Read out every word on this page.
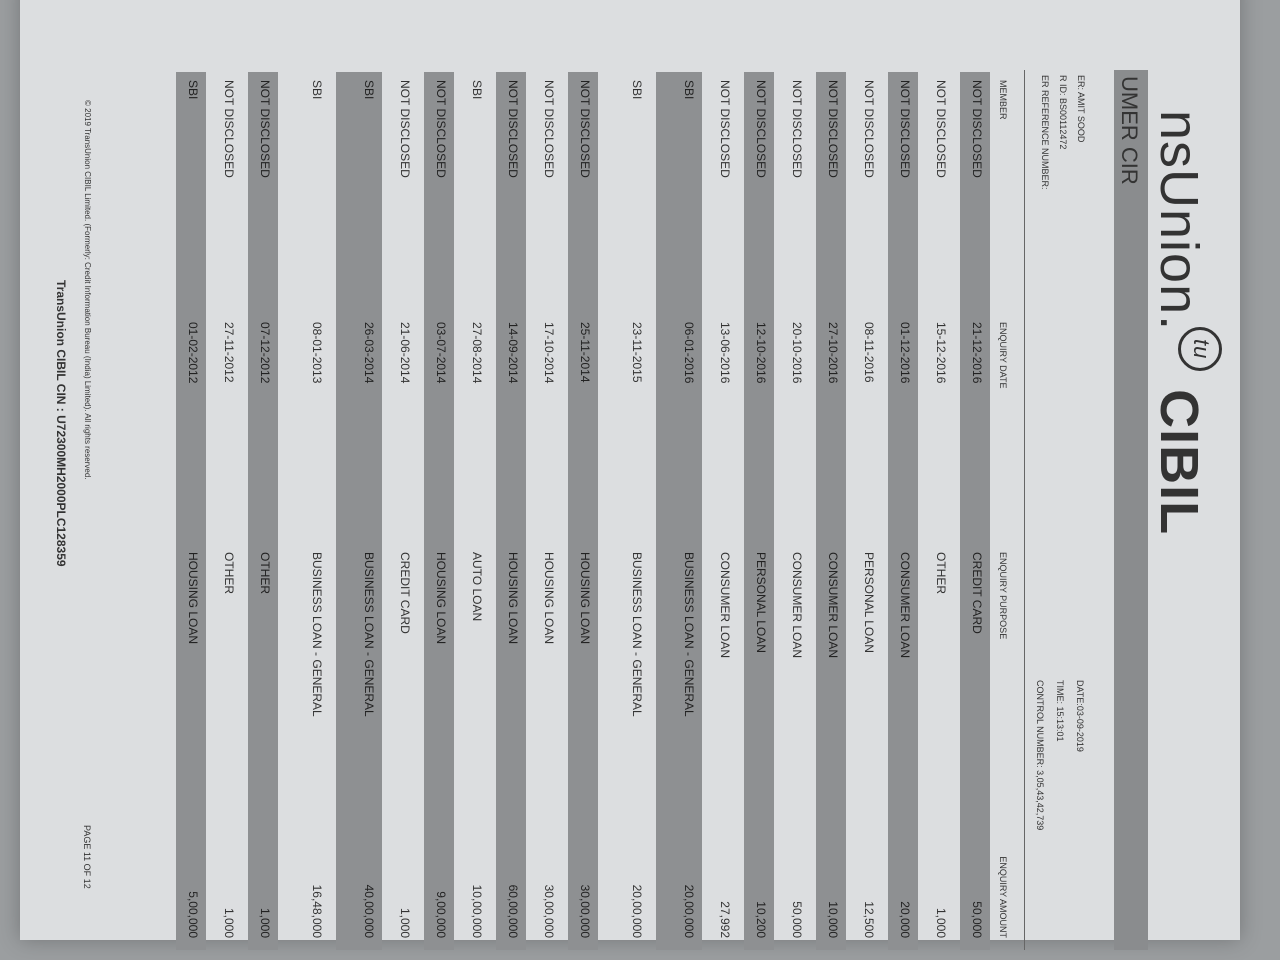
nsUnion.tuCIBIL
UMER CIR
ER: AMIT SOOD
R ID: BS00112472
ER REFERENCE NUMBER:
DATE:03-09-2019
TIME: 15:13:01
CONTROL NUMBER: 3,05,43,42,739
MEMBER	ENQUIRY DATE	ENQUIRY PURPOSE	ENQUIRY AMOUNT
NOT DISCLOSED	21-12-2016	CREDIT CARD	50,000
NOT DISCLOSED	15-12-2016	OTHER	1,000
NOT DISCLOSED	01-12-2016	CONSUMER LOAN	20,000
NOT DISCLOSED	08-11-2016	PERSONAL LOAN	12,500
NOT DISCLOSED	27-10-2016	CONSUMER LOAN	10,000
NOT DISCLOSED	20-10-2016	CONSUMER LOAN	50,000
NOT DISCLOSED	12-10-2016	PERSONAL LOAN	10,200
NOT DISCLOSED	13-06-2016	CONSUMER LOAN	27,992
SBI	06-01-2016	BUSINESS LOAN - GENERAL	20,00,000
SBI	23-11-2015	BUSINESS LOAN - GENERAL	20,00,000
NOT DISCLOSED	25-11-2014	HOUSING LOAN	30,00,000
NOT DISCLOSED	17-10-2014	HOUSING LOAN	30,00,000
NOT DISCLOSED	14-09-2014	HOUSING LOAN	60,00,000
SBI	27-08-2014	AUTO LOAN	10,00,000
NOT DISCLOSED	03-07-2014	HOUSING LOAN	9,00,000
NOT DISCLOSED	21-06-2014	CREDIT CARD	1,000
SBI	26-03-2014	BUSINESS LOAN - GENERAL	40,00,000
SBI	08-01-2013	BUSINESS LOAN - GENERAL	16,48,000
NOT DISCLOSED	07-12-2012	OTHER	1,000
NOT DISCLOSED	27-11-2012	OTHER	1,000
SBI	01-02-2012	HOUSING LOAN	5,00,000
© 2019 TransUnion CIBIL Limited. (Formerly: Credit Information Bureau (India) Limited). All rights reserved.
PAGE 11 OF 12
TransUnion CIBIL CIN : U72300MH2000PLC128359
